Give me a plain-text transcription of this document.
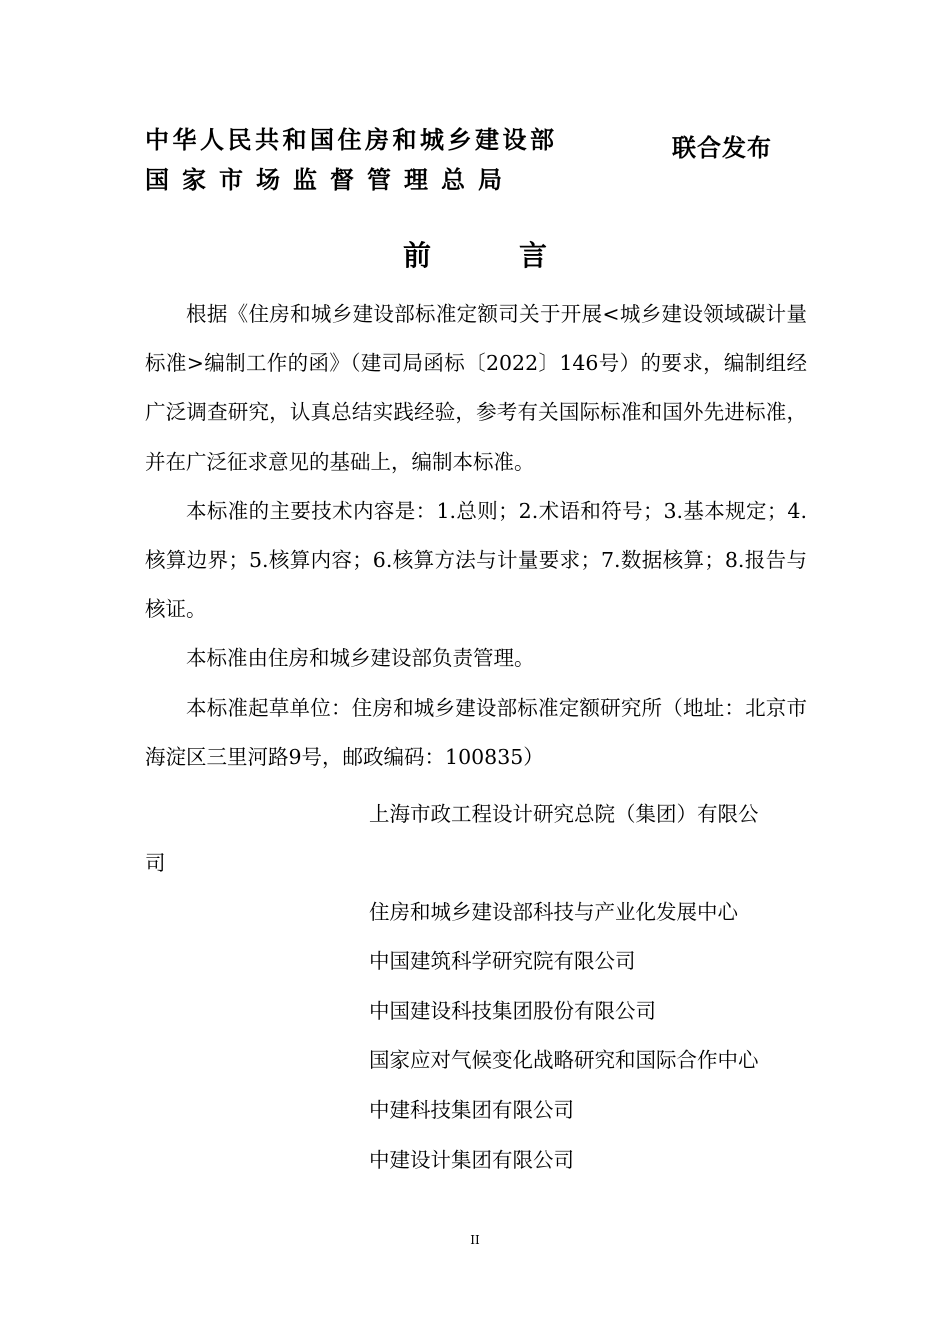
中华人民共和国住房和城乡建设部
国家市场监督管理总局
联合发布
前　言

根据《住房和城乡建设部标准定额司关于开展<城乡建设领域碳计量标准>编制工作的函》（建司局函标〔2022〕146号）的要求，编制组经广泛调查研究，认真总结实践经验，参考有关国际标准和国外先进标准，并在广泛征求意见的基础上，编制本标准。

本标准的主要技术内容是：1.总则；2.术语和符号；3.基本规定；4.核算边界；5.核算内容；6.核算方法与计量要求；7.数据核算；8.报告与核证。

本标准由住房和城乡建设部负责管理。

本标准起草单位：住房和城乡建设部标准定额研究所（地址：北京市海淀区三里河路9号，邮政编码：100835）

上海市政工程设计研究总院（集团）有限公
司
住房和城乡建设部科技与产业化发展中心
中国建筑科学研究院有限公司
中国建设科技集团股份有限公司
国家应对气候变化战略研究和国际合作中心
中建科技集团有限公司
中建设计集团有限公司
II
